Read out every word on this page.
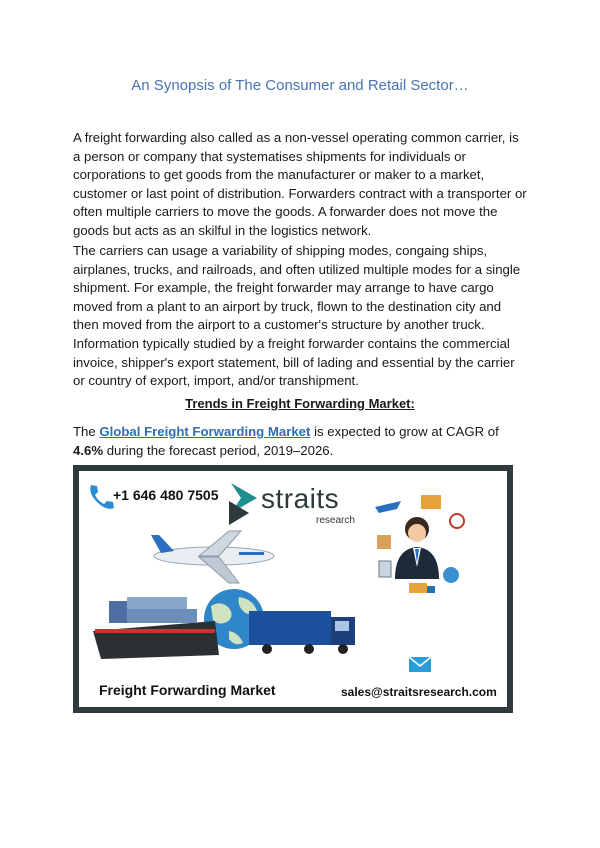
An Synopsis of The Consumer and Retail Sector…

A freight forwarding also called as a non-vessel operating common carrier, is a person or company that systematises shipments for individuals or corporations to get goods from the manufacturer or maker to a market, customer or last point of distribution. Forwarders contract with a transporter or often multiple carriers to move the goods. A forwarder does not move the goods but acts as an skilful in the logistics network.

The carriers can usage a variability of shipping modes, congaing ships, airplanes, trucks, and railroads, and often utilized multiple modes for a single shipment. For example, the freight forwarder may arrange to have cargo moved from a plant to an airport by truck, flown to the destination city and then moved from the airport to a customer's structure by another truck. Information typically studied by a freight forwarder contains the commercial invoice, shipper's export statement, bill of lading and essential by the carrier or country of export, import, and/or transhipment.

Trends in Freight Forwarding Market:

The Global Freight Forwarding Market is expected to grow at CAGR of 4.6% during the forecast period, 2019–2026.

+1 646 480 7505 straits
research
Freight Forwarding Market	sales@straitsresearch.com
